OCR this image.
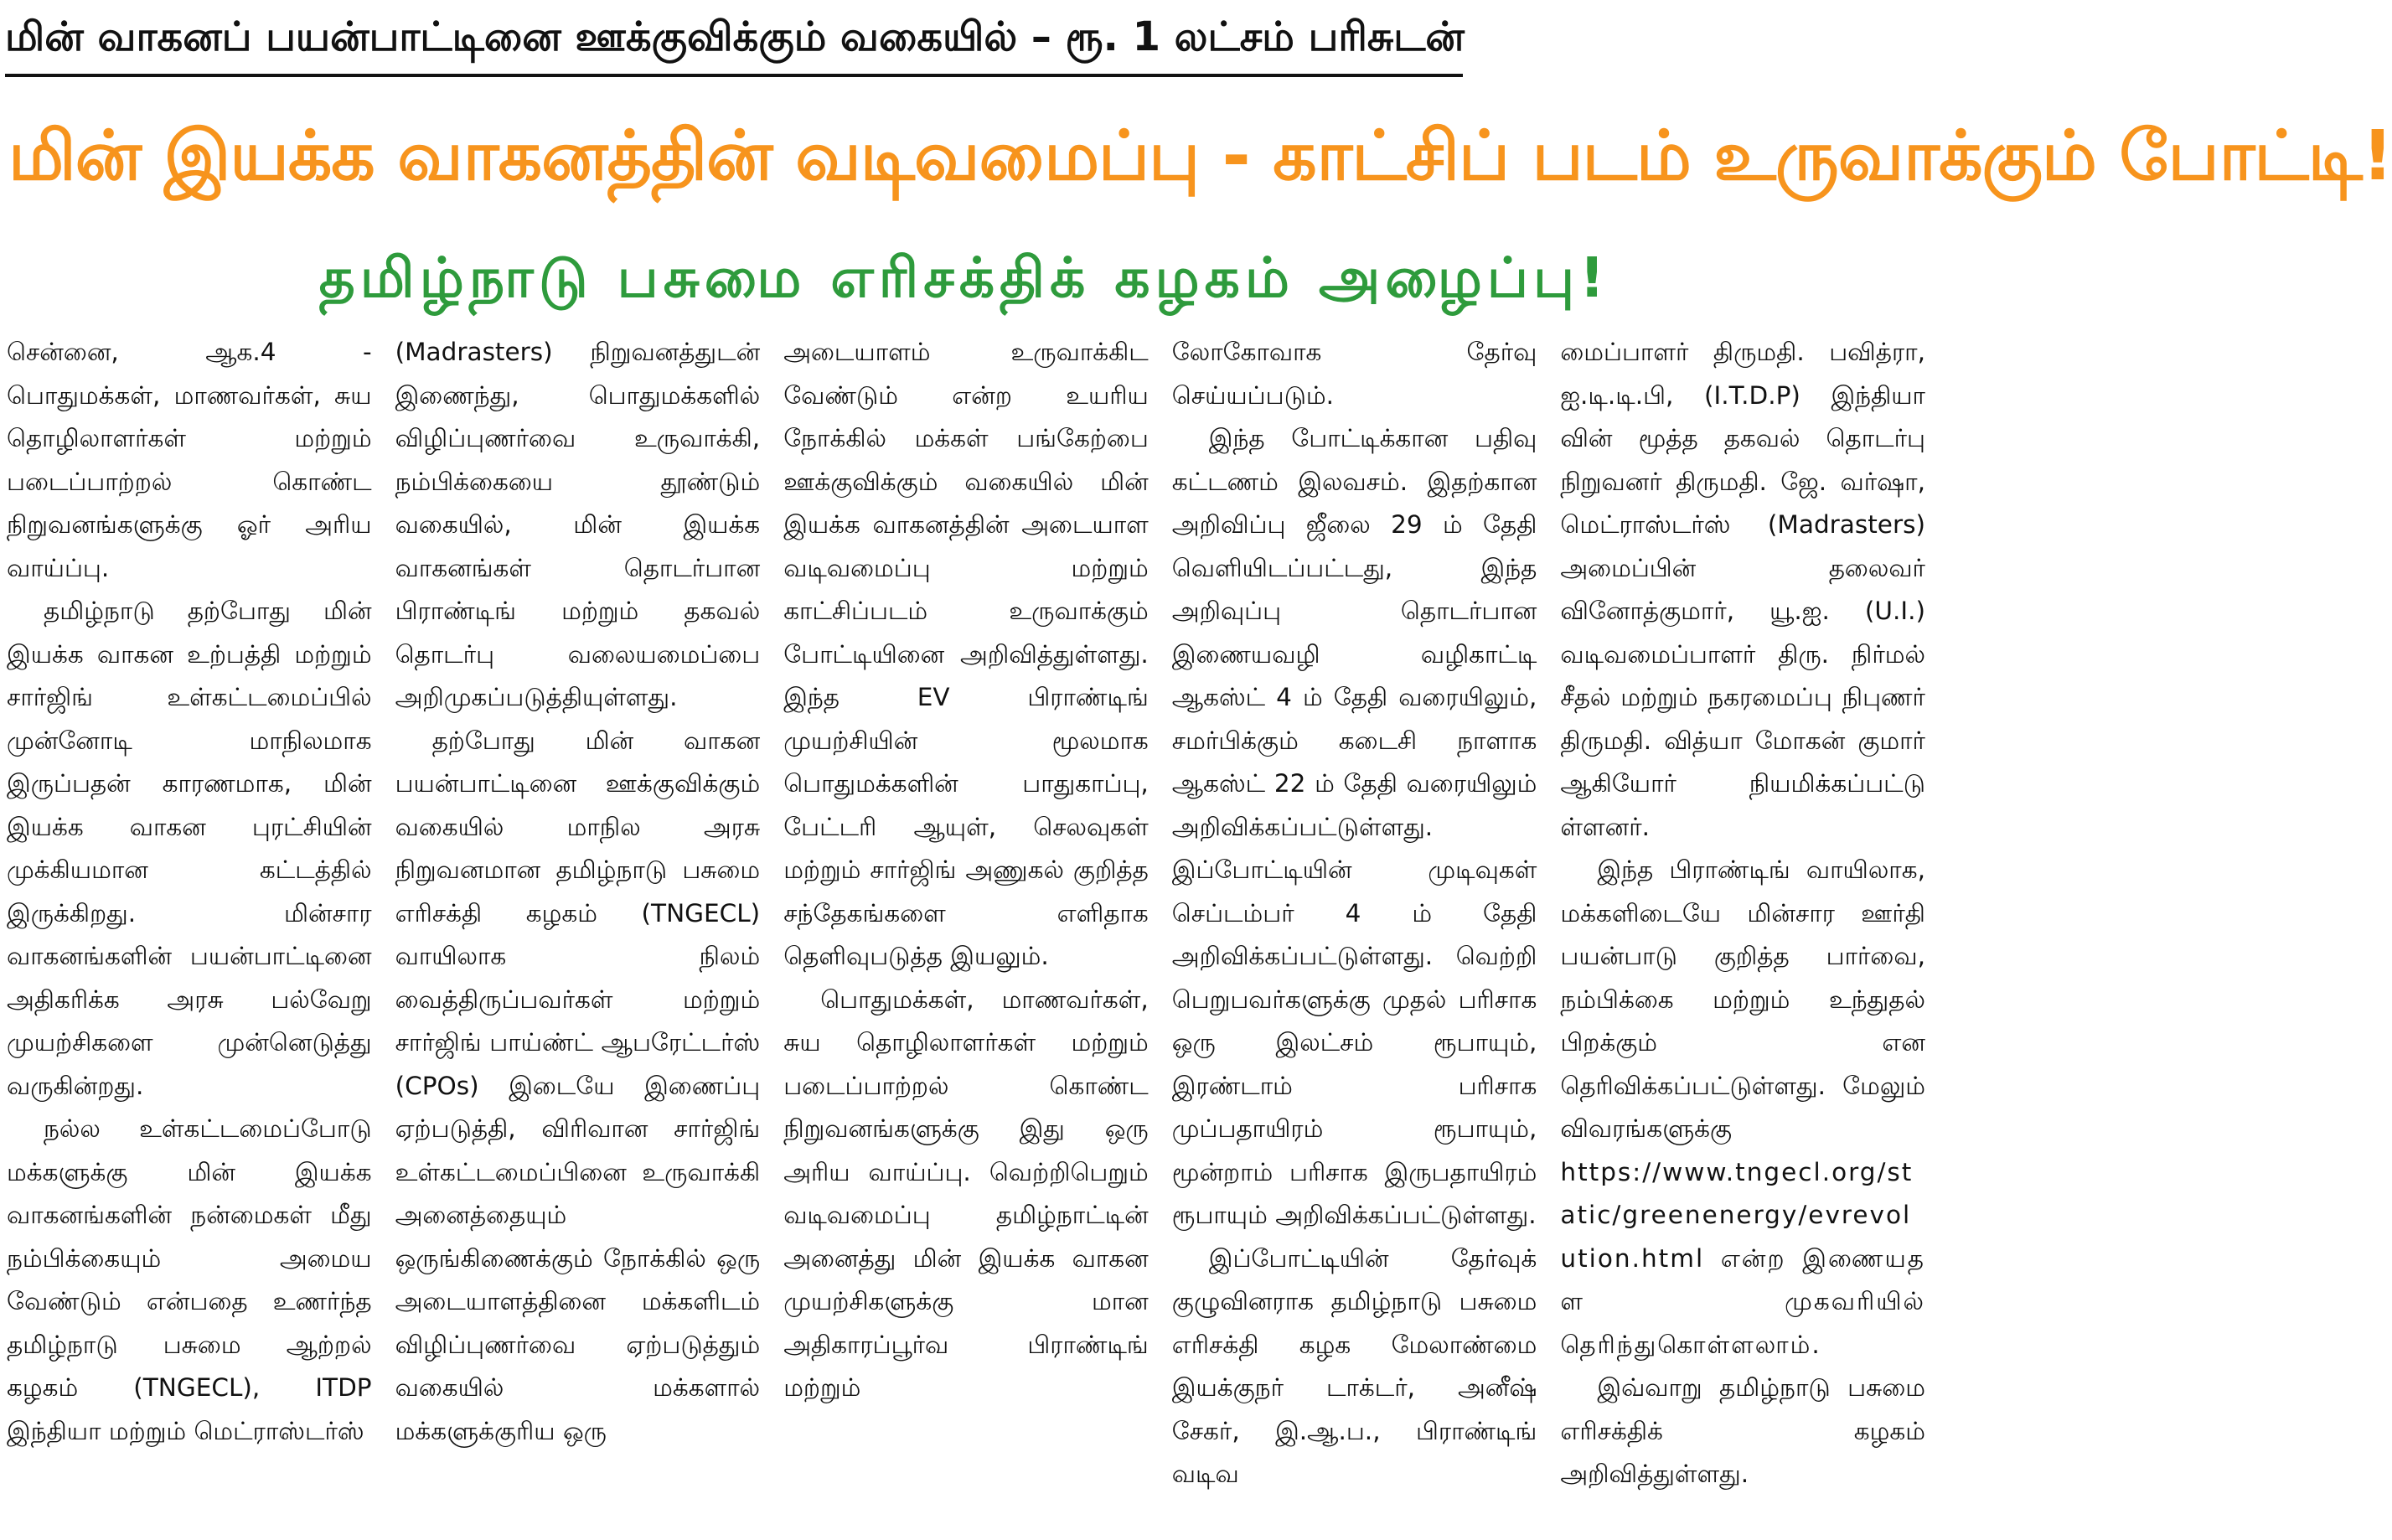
மின் வாகனப் பயன்பாட்டினை ஊக்குவிக்கும் வகையில் – ரூ. 1 லட்சம் பரிசுடன்
மின் இயக்க வாகனத்தின் வடிவமைப்பு - காட்சிப் படம் உருவாக்கும் போட்டி!
தமிழ்நாடு பசுமை எரிசக்திக் கழகம் அழைப்பு!

சென்னை, ஆக.4 - பொதுமக்கள், மாணவர்கள், சுய தொழிலாளர்கள் மற்றும் படைப்பாற்றல் கொண்ட நிறுவனங்களுக்கு ஓர் அரிய வாய்ப்பு.

தமிழ்நாடு தற்போது மின் இயக்க வாகன உற்பத்தி மற்றும் சார்ஜிங் உள்கட்டமைப்பில் முன்னோடி மாநிலமாக இருப்பதன் காரணமாக, மின் இயக்க வாகன புரட்சியின் முக்கியமான கட்டத்தில் இருக்கிறது. மின்சார வாகனங்களின் பயன்பாட்டினை அதிகரிக்க அரசு பல்வேறு முயற்சிகளை முன்னெடுத்து வருகின்றது.

நல்ல உள்கட்டமைப்போடு மக்களுக்கு மின் இயக்க வாகனங்களின் நன்மைகள் மீது நம்பிக்கையும் அமைய வேண்டும் என்பதை உணர்ந்த தமிழ்நாடு பசுமை ஆற்றல் கழகம் (TNGECL), ITDP இந்தியா மற்றும் மெட்ராஸ்டர்ஸ்

(Madrasters) நிறுவனத்துடன் இணைந்து, பொதுமக்களில் விழிப்புணர்வை உருவாக்கி, நம்பிக்கையை தூண்டும் வகையில், மின் இயக்க வாகனங்கள் தொடர்பான பிராண்டிங் மற்றும் தகவல் தொடர்பு வலையமைப்பை அறிமுகப்படுத்தியுள்ளது.

தற்போது மின் வாகன பயன்பாட்டினை ஊக்குவிக்கும் வகையில் மாநில அரசு நிறுவனமான தமிழ்நாடு பசுமை எரிசக்தி கழகம் (TNGECL) வாயிலாக நிலம் வைத்திருப்பவர்கள் மற்றும் சார்ஜிங் பாய்ண்ட் ஆபரேட்டர்ஸ் (CPOs) இடையே இணைப்பு ஏற்படுத்தி, விரிவான சார்ஜிங் உள்கட்டமைப்பினை உருவாக்கி அனைத்தையும் ஒருங்கிணைக்கும் நோக்கில் ஒரு அடையாளத்தினை மக்களிடம் விழிப்புணர்வை ஏற்படுத்தும் வகையில் மக்களால் மக்களுக்குரிய ஒரு

அடையாளம் உருவாக்கிட வேண்டும் என்ற உயரிய நோக்கில் மக்கள் பங்கேற்பை ஊக்குவிக்கும் வகையில் மின் இயக்க வாகனத்தின் அடையாள வடிவமைப்பு மற்றும் காட்சிப்படம் உருவாக்கும் போட்டியினை அறிவித்துள்ளது. இந்த EV பிராண்டிங் முயற்சியின் மூலமாக பொதுமக்களின் பாதுகாப்பு, பேட்டரி ஆயுள், செலவுகள் மற்றும் சார்ஜிங் அணுகல் குறித்த சந்தேகங்களை எளிதாக தெளிவுபடுத்த இயலும்.

பொதுமக்கள், மாணவர்கள், சுய தொழிலாளர்கள் மற்றும் படைப்பாற்றல் கொண்ட நிறுவனங்களுக்கு இது ஒரு அரிய வாய்ப்பு. வெற்றிபெறும் வடிவமைப்பு தமிழ்நாட்டின் அனைத்து மின் இயக்க வாகன முயற்சிகளுக்கு மான அதிகாரப்பூர்வ பிராண்டிங் மற்றும்

லோகோவாக தேர்வு செய்யப்படும்.

இந்த போட்டிக்கான பதிவு கட்டணம் இலவசம். இதற்கான அறிவிப்பு ஜீலை 29 ம் தேதி வெளியிடப்பட்டது, இந்த அறிவுப்பு தொடர்பான இணையவழி வழிகாட்டி ஆகஸ்ட் 4 ம் தேதி வரையிலும், சமர்பிக்கும் கடைசி நாளாக ஆகஸ்ட் 22 ம் தேதி வரையிலும் அறிவிக்கப்பட்டுள்ளது. இப்போட்டியின் முடிவுகள் செப்டம்பர் 4 ம் தேதி அறிவிக்கப்பட்டுள்ளது. வெற்றி பெறுபவர்களுக்கு முதல் பரிசாக ஒரு இலட்சம் ரூபாயும், இரண்டாம் பரிசாக முப்பதாயிரம் ரூபாயும், மூன்றாம் பரிசாக இருபதாயிரம் ரூபாயும் அறிவிக்கப்பட்டுள்ளது.

இப்போட்டியின் தேர்வுக் குழுவினராக தமிழ்நாடு பசுமை எரிசக்தி கழக மேலாண்மை இயக்குநர் டாக்டர், அனீஷ் சேகர், இ.ஆ.ப., பிராண்டிங் வடிவ

மைப்பாளர் திருமதி. பவித்ரா, ஐ.டி.டி.பி, (I.T.D.P) இந்தியா வின் மூத்த தகவல் தொடர்பு நிறுவனர் திருமதி. ஜே. வர்ஷா, மெட்ராஸ்டர்ஸ் (Madrasters) அமைப்பின் தலைவர் வினோத்குமார், யூ.ஐ. (U.I.) வடிவமைப்பாளர் திரு. நிர்மல் சீதல் மற்றும் நகரமைப்பு நிபுணர் திருமதி. வித்யா மோகன் குமார் ஆகியோர் நியமிக்கப்பட்டு ள்ளனர்.

இந்த பிராண்டிங் வாயிலாக, மக்களிடையே மின்சார ஊர்தி பயன்பாடு குறித்த பார்வை, நம்பிக்கை மற்றும் உந்துதல் பிறக்கும் என தெரிவிக்கப்பட்டுள்ளது. மேலும் விவரங்களுக்கு

https://www.tngecl.org/static/greenenergy/evrevolution.html என்ற இணையதள முகவரியில் தெரிந்துகொள்ளலாம்.

இவ்வாறு தமிழ்நாடு பசுமை எரிசக்திக் கழகம் அறிவித்துள்ளது.
